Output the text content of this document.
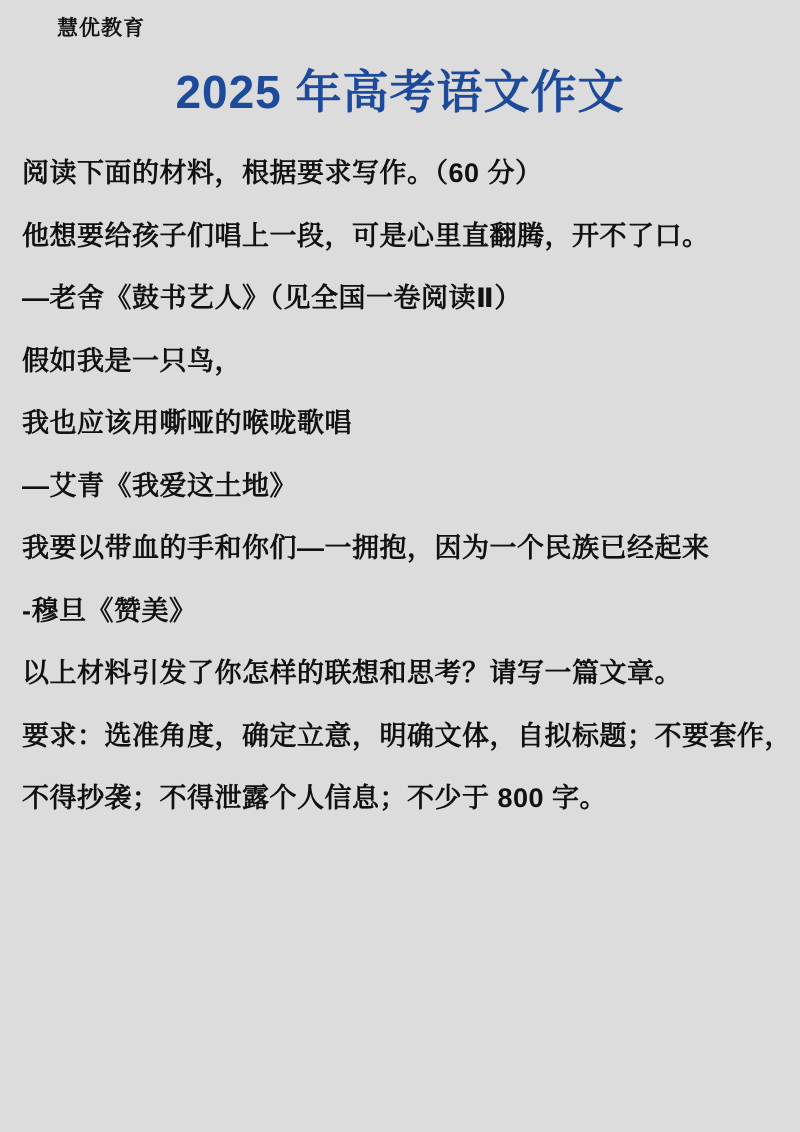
慧优教育
2025 年高考语文作文
阅读下面的材料，根据要求写作。（60 分）
他想要给孩子们唱上一段，可是心里直翻腾，开不了口。
—老舍《鼓书艺人》（见全国一卷阅读Ⅱ）
假如我是一只鸟，
我也应该用嘶哑的喉咙歌唱
—艾青《我爱这土地》
我要以带血的手和你们—一拥抱，因为一个民族已经起来
-穆旦《赞美》
以上材料引发了你怎样的联想和思考？请写一篇文章。
要求：选准角度，确定立意，明确文体，自拟标题；不要套作，
不得抄袭；不得泄露个人信息；不少于 800 字。
